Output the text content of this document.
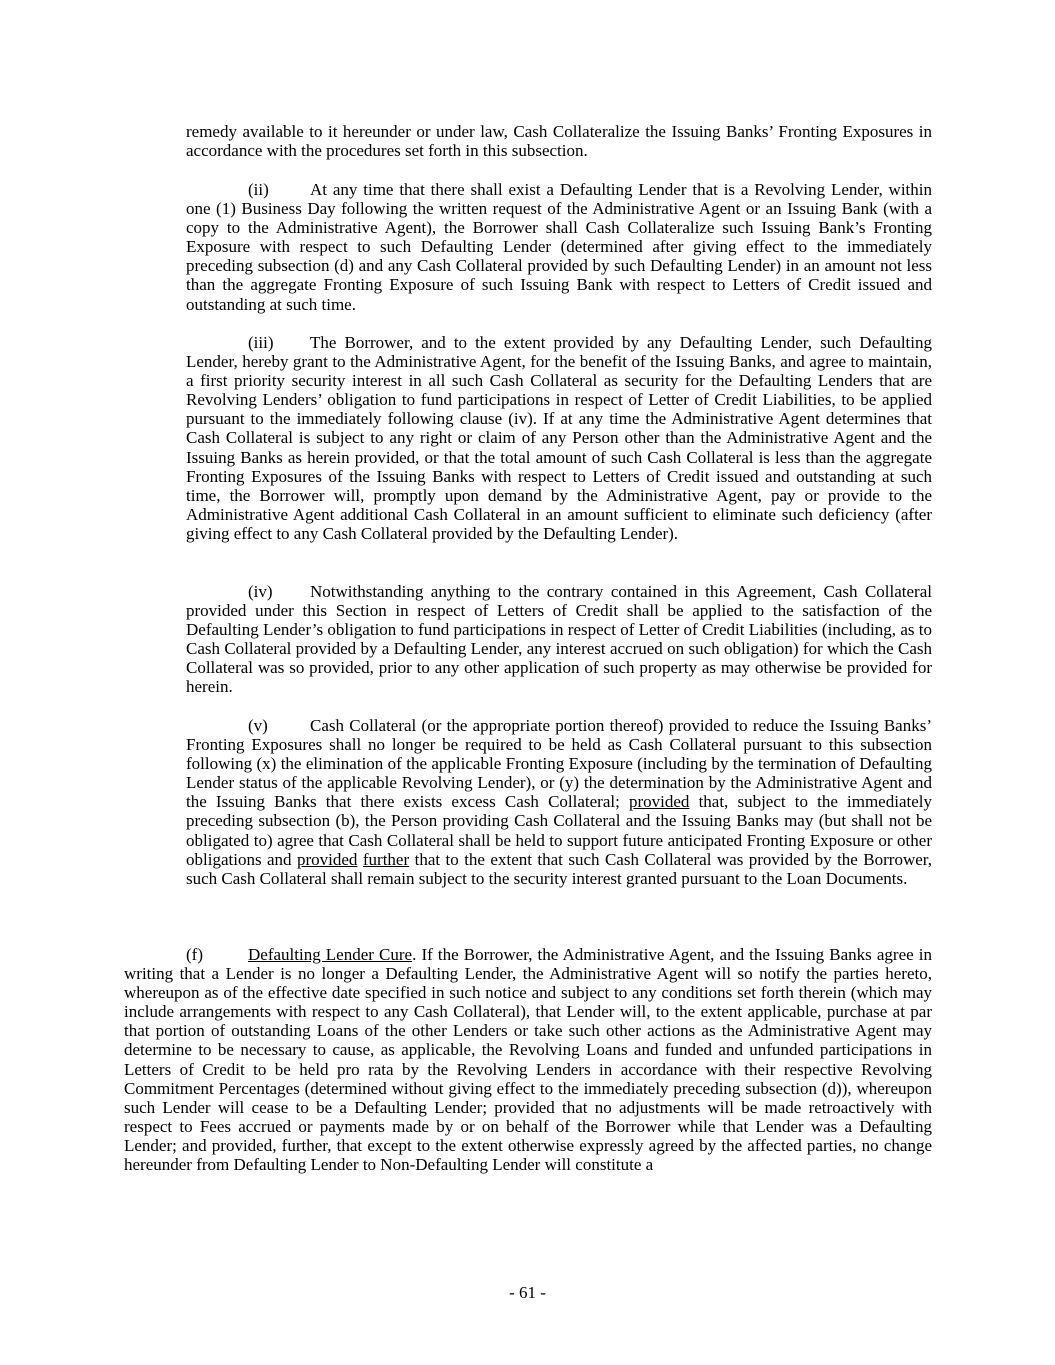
remedy available to it hereunder or under law, Cash Collateralize the Issuing Banks’ Fronting Exposures in accordance with the procedures set forth in this subsection.

(ii) At any time that there shall exist a Defaulting Lender that is a Revolving Lender, within one (1) Business Day following the written request of the Administrative Agent or an Issuing Bank (with a copy to the Administrative Agent), the Borrower shall Cash Collateralize such Issuing Bank’s Fronting Exposure with respect to such Defaulting Lender (determined after giving effect to the immediately preceding subsection (d) and any Cash Collateral provided by such Defaulting Lender) in an amount not less than the aggregate Fronting Exposure of such Issuing Bank with respect to Letters of Credit issued and outstanding at such time.

(iii) The Borrower, and to the extent provided by any Defaulting Lender, such Defaulting Lender, hereby grant to the Administrative Agent, for the benefit of the Issuing Banks, and agree to maintain, a first priority security interest in all such Cash Collateral as security for the Defaulting Lenders that are Revolving Lenders’ obligation to fund participations in respect of Letter of Credit Liabilities, to be applied pursuant to the immediately following clause (iv). If at any time the Administrative Agent determines that Cash Collateral is subject to any right or claim of any Person other than the Administrative Agent and the Issuing Banks as herein provided, or that the total amount of such Cash Collateral is less than the aggregate Fronting Exposures of the Issuing Banks with respect to Letters of Credit issued and outstanding at such time, the Borrower will, promptly upon demand by the Administrative Agent, pay or provide to the Administrative Agent additional Cash Collateral in an amount sufficient to eliminate such deficiency (after giving effect to any Cash Collateral provided by the Defaulting Lender).

(iv) Notwithstanding anything to the contrary contained in this Agreement, Cash Collateral provided under this Section in respect of Letters of Credit shall be applied to the satisfaction of the Defaulting Lender’s obligation to fund participations in respect of Letter of Credit Liabilities (including, as to Cash Collateral provided by a Defaulting Lender, any interest accrued on such obligation) for which the Cash Collateral was so provided, prior to any other application of such property as may otherwise be provided for herein.

(v) Cash Collateral (or the appropriate portion thereof) provided to reduce the Issuing Banks’ Fronting Exposures shall no longer be required to be held as Cash Collateral pursuant to this subsection following (x) the elimination of the applicable Fronting Exposure (including by the termination of Defaulting Lender status of the applicable Revolving Lender), or (y) the determination by the Administrative Agent and the Issuing Banks that there exists excess Cash Collateral; provided that, subject to the immediately preceding subsection (b), the Person providing Cash Collateral and the Issuing Banks may (but shall not be obligated to) agree that Cash Collateral shall be held to support future anticipated Fronting Exposure or other obligations and provided further that to the extent that such Cash Collateral was provided by the Borrower, such Cash Collateral shall remain subject to the security interest granted pursuant to the Loan Documents.

(f)	Defaulting Lender Cure. If the Borrower, the Administrative Agent, and the Issuing Banks agree in writing that a Lender is no longer a Defaulting Lender, the Administrative Agent will so notify the parties hereto, whereupon as of the effective date specified in such notice and subject to any conditions set forth therein (which may include arrangements with respect to any Cash Collateral), that Lender will, to the extent applicable, purchase at par that portion of outstanding Loans of the other Lenders or take such other actions as the Administrative Agent may determine to be necessary to cause, as applicable, the Revolving Loans and funded and unfunded participations in Letters of Credit to be held pro rata by the Revolving Lenders in accordance with their respective Revolving Commitment Percentages (determined without giving effect to the immediately preceding subsection (d)), whereupon such Lender will cease to be a Defaulting Lender; provided that no adjustments will be made retroactively with respect to Fees accrued or payments made by or on behalf of the Borrower while that Lender was a Defaulting Lender; and provided, further, that except to the extent otherwise expressly agreed by the affected parties, no change hereunder from Defaulting Lender to Non-Defaulting Lender will constitute a

- 61 -
